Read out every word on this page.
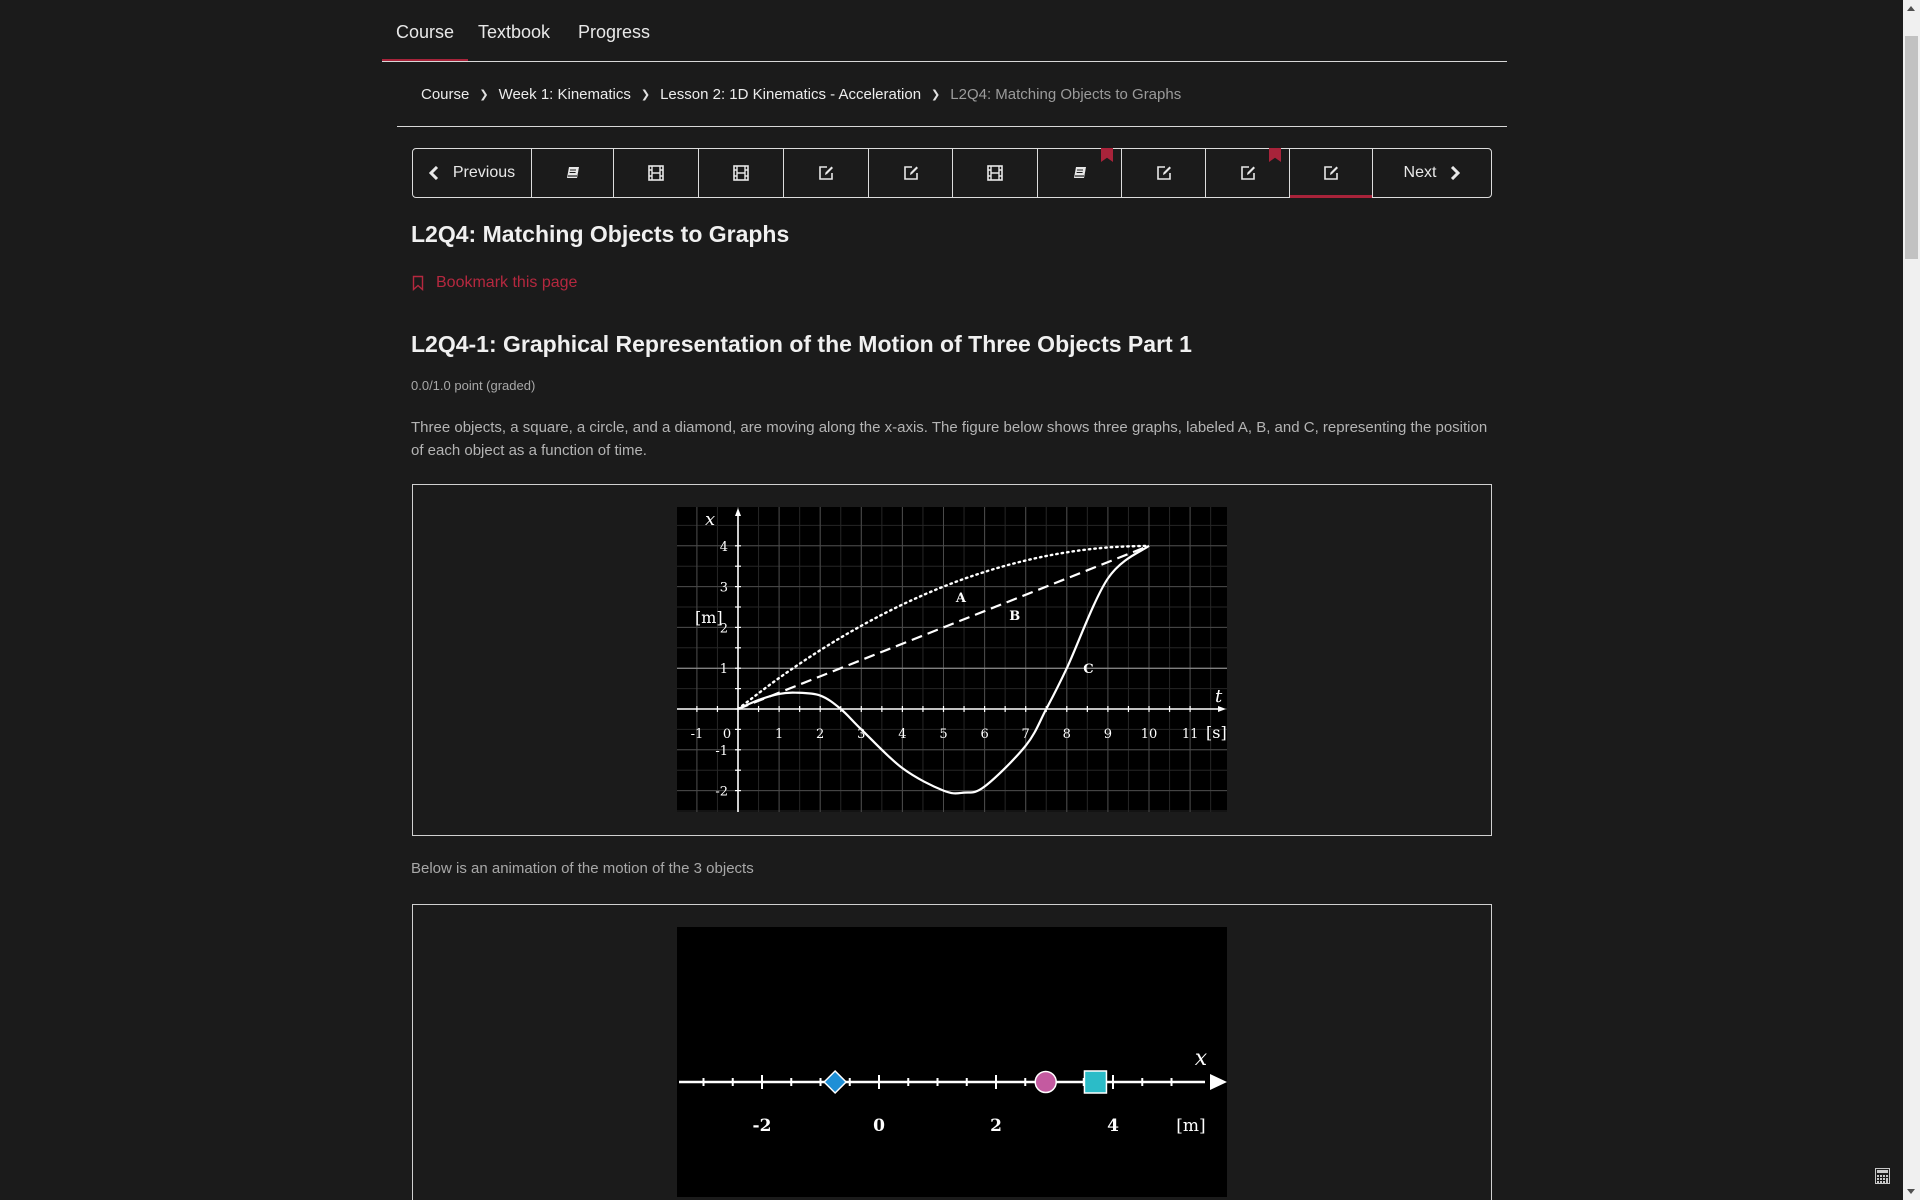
Course Textbook Progress
Course ❯ Week 1: Kinematics ❯ Lesson 2: 1D Kinematics - Acceleration ❯ L2Q4: Matching Objects to Graphs
Previous	Next
L2Q4: Matching Objects to Graphs
Bookmark this page
L2Q4-1: Graphical Representation of the Motion of Three Objects Part 1
0.0/1.0 point (graded)

Three objects, a square, a circle, and a diamond, are moving along the x-axis. The figure below shows three graphs, labeled A, B, and C, representing the position of each object as a function of time.

-1 0	1	2	3	4	5	6	7	8	9 10 11
-2
-1
1
2
3
4
x
[m]
t
[s]
A
B
C

Below is an animation of the motion of the 3 objects

-2	0	2	4	[m]
x
